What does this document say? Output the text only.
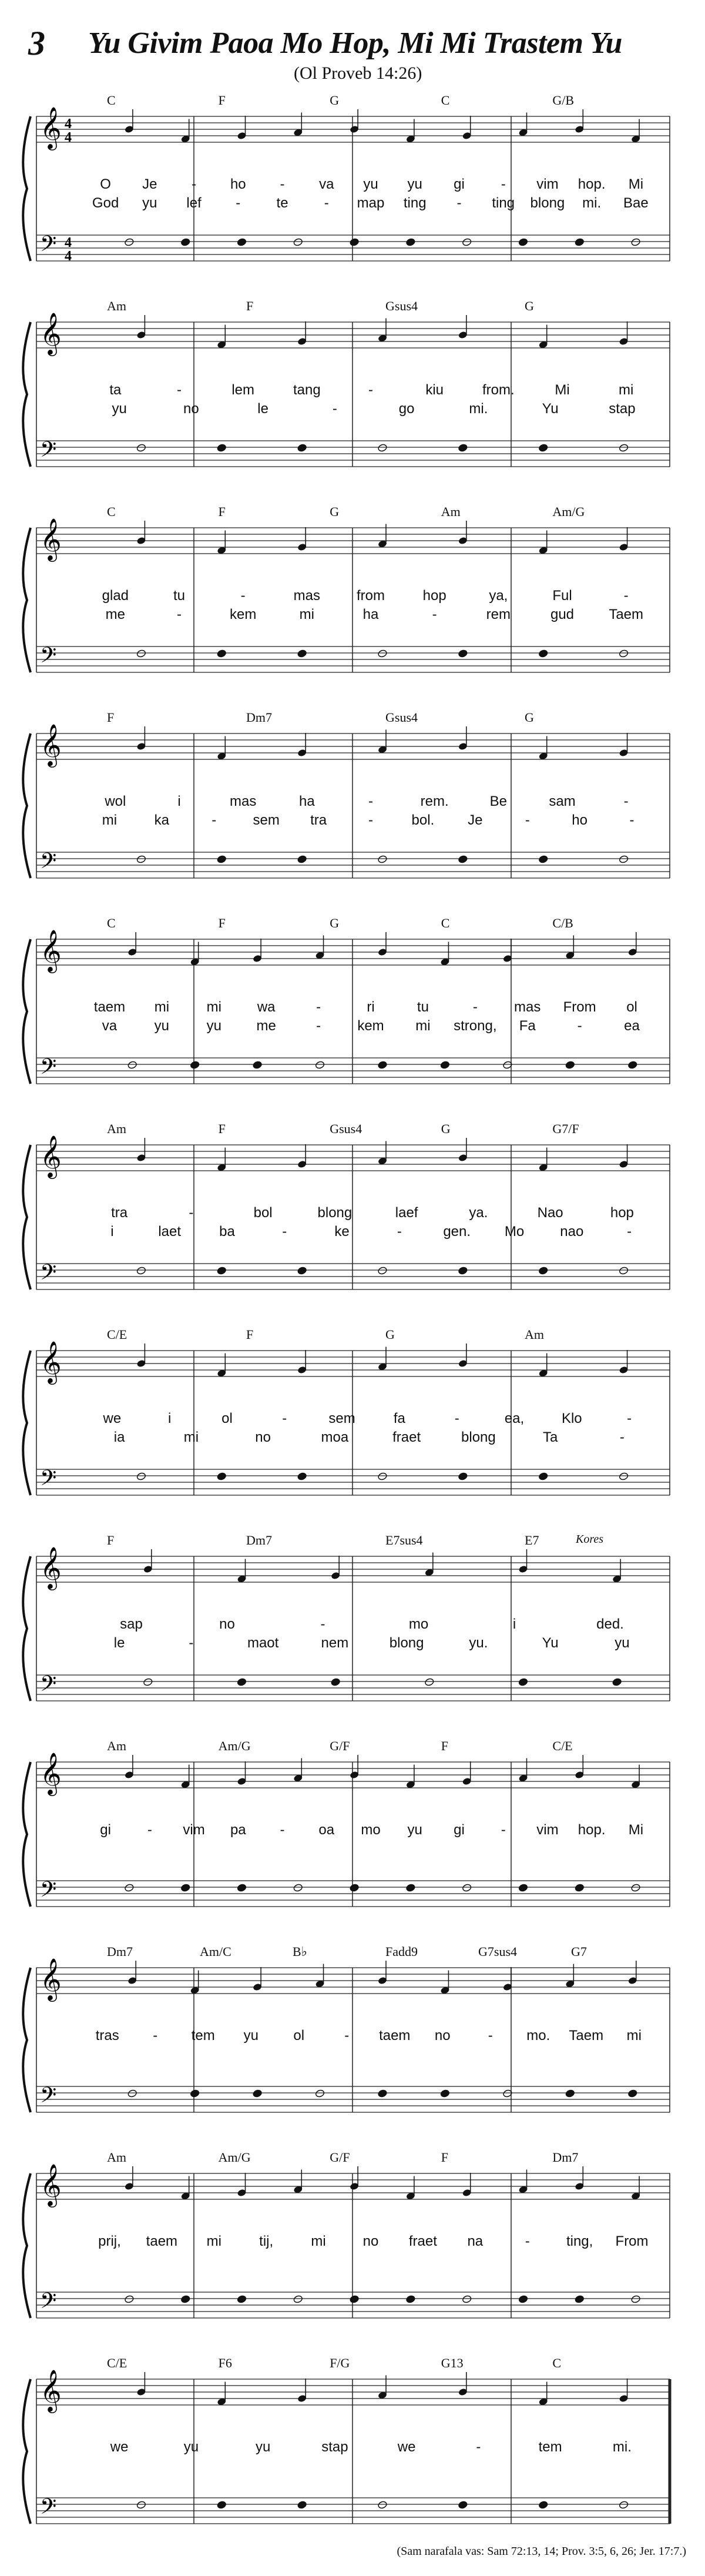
3 Yu Givim Paoa Mo Hop, Mi Mi Trastem Yu
(Ol Proveb 14:26)
𝄞 4
4
𝄢 4
4
C	F	G	C	G/B
O Je - ho - va yu yu gi	- vim hop. Mi
God yu lef -	te	- map ting - ting blong mi. Bae
𝄞
𝄢
Am	F	Gsus4	G
ta	-	lem	tang	-	kiu	from.	Mi	mi
yu	no	le	-	go	mi.	Yu	stap
𝄞
𝄢
C	F	G	Am	Am/G
glad	tu	-	mas	from	hop	ya,	Ful	-
me	-	kem	mi	ha	-	rem	gud Taem
𝄞
𝄢
F	Dm7	Gsus4	G
wol	i	mas	ha	-	rem.	Be	sam	-
mi	ka	-	sem tra	-	bol. Je	-	ho	-
𝄞
𝄢
C	F	G	C	C/B
taem mi	mi	wa	-	ri	tu	-	mas From ol
va	yu	yu me	-	kem mi strong, Fa	-	ea
𝄞
𝄢
Am	F	Gsus4	G	G7/F
tra	-	bol	blong	laef	ya.	Nao	hop
i	laet	ba	-	ke	-	gen. Mo	nao	-
𝄞
𝄢
C/E	F	G	Am
we	i	ol	-	sem	fa	-	ea,	Klo	-
ia	mi	no	moa	fraet	blong	Ta	-
𝄞
𝄢
F	Dm7	E7sus4	E7	Kores
sap	no	-	mo	i	ded.
le	-	maot	nem	blong	yu.	Yu	yu
𝄞
𝄢
Am	Am/G	G/F	F	C/E
gi	- vim pa - oa mo yu gi	- vim hop. Mi
𝄞
𝄢
Dm7	Am/C	B♭	Fadd9	G7sus4	G7
tras - tem yu ol	- taem no	- mo. Taem mi
𝄞
𝄢
Am	Am/G	G/F	F	Dm7
prij, taem mi	tij,	mi	no fraet na	-	ting, From
𝄞
𝄢
C/E	F6	F/G	G13	C
we	yu	yu	stap	we	-	tem	mi.
(Sam narafala vas: Sam 72:13, 14; Prov. 3:5, 6, 26; Jer. 17:7.)
